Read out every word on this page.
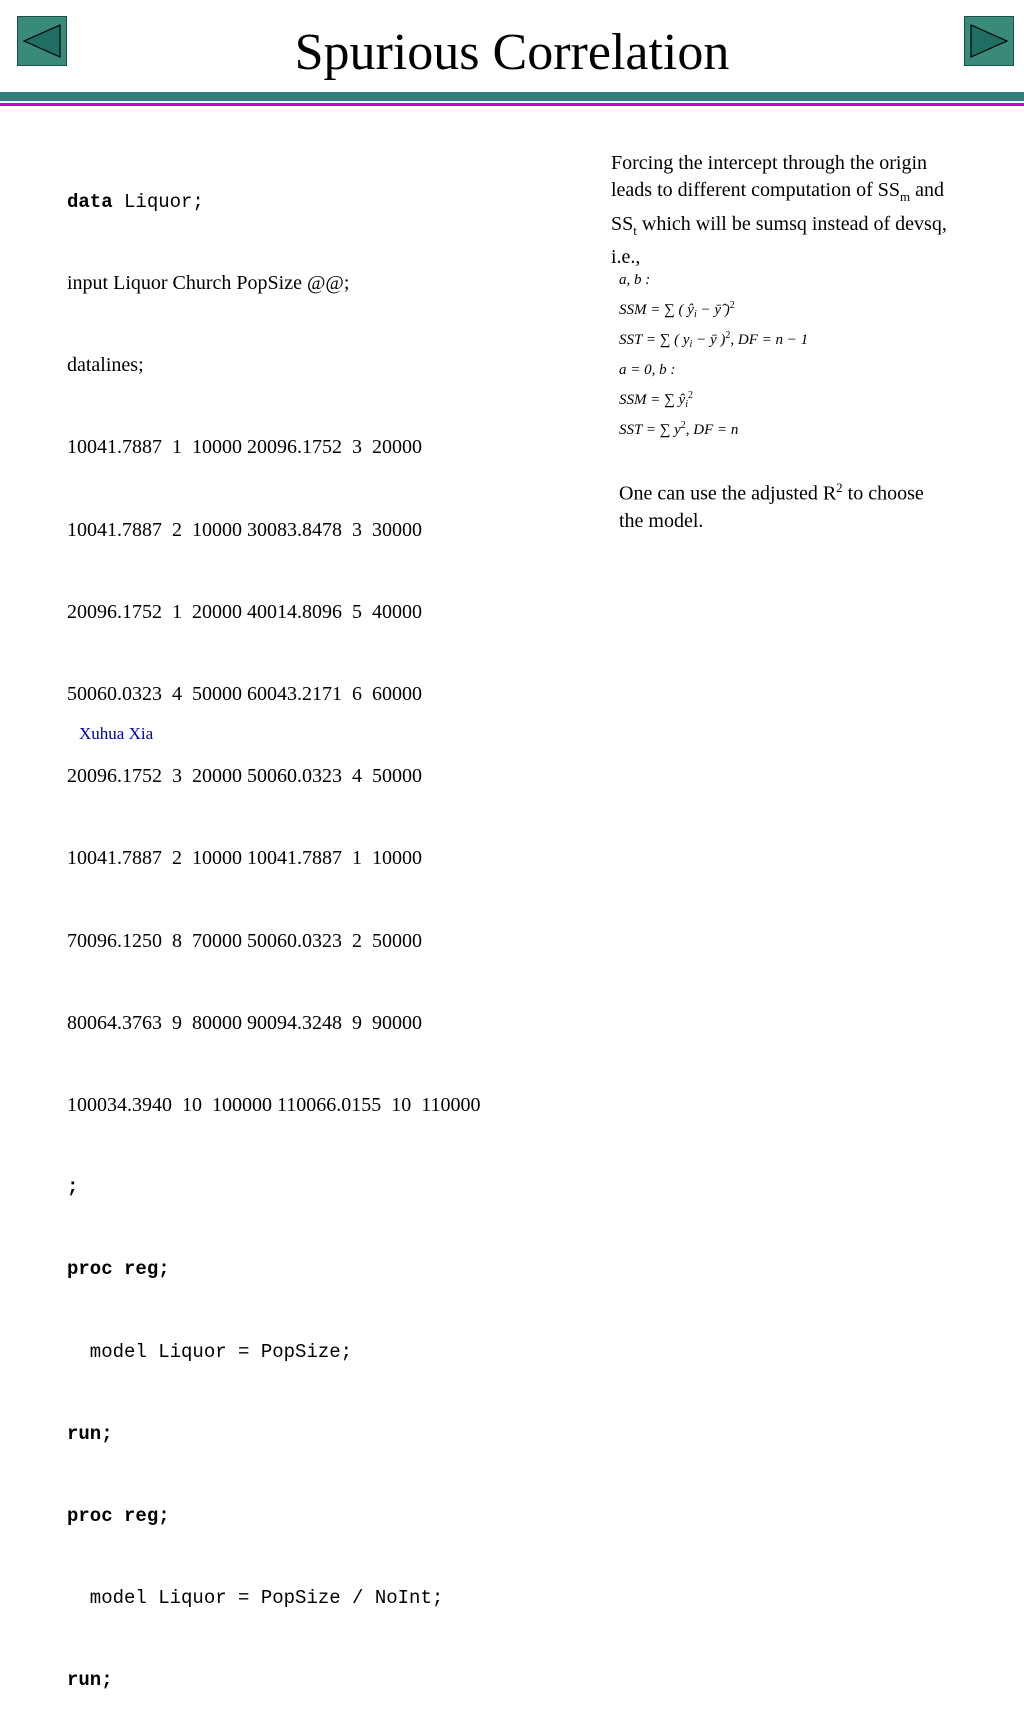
Spurious Correlation

data Liquor;

input Liquor Church PopSize @@;

datalines;

10041.7887  1  10000 20096.1752  3  20000

10041.7887  2  10000 30083.8478  3  30000

20096.1752  1  20000 40014.8096  5  40000

50060.0323  4  50000 60043.2171  6  60000

20096.1752  3  20000 50060.0323  4  50000

10041.7887  2  10000 10041.7887  1  10000

70096.1250  8  70000 50060.0323  2  50000

80064.3763  9  80000 90094.3248  9  90000

100034.3940  10  100000 110066.0155  10  110000

;

proc reg;

model Liquor = PopSize;

run;

proc reg;

model Liquor = PopSize / NoInt;

run;

Forcing the intercept through the origin leads to different computation of $SS_m$ and $SS_t$ which will be sumsq instead of devsq, i.e.,
a, b :
SSM = ∑ ( $ŷ_i$ − ȳ̂ )$^2$
SST = ∑ ( $y_i$ − ȳ )$^2$, DF = n − 1
a = 0, b :
SSM = ∑ $ŷ_i^2$
SST = ∑ $y^2$, DF = n
One can use the adjusted $R^2$ to choose the model.
Xuhua Xia
